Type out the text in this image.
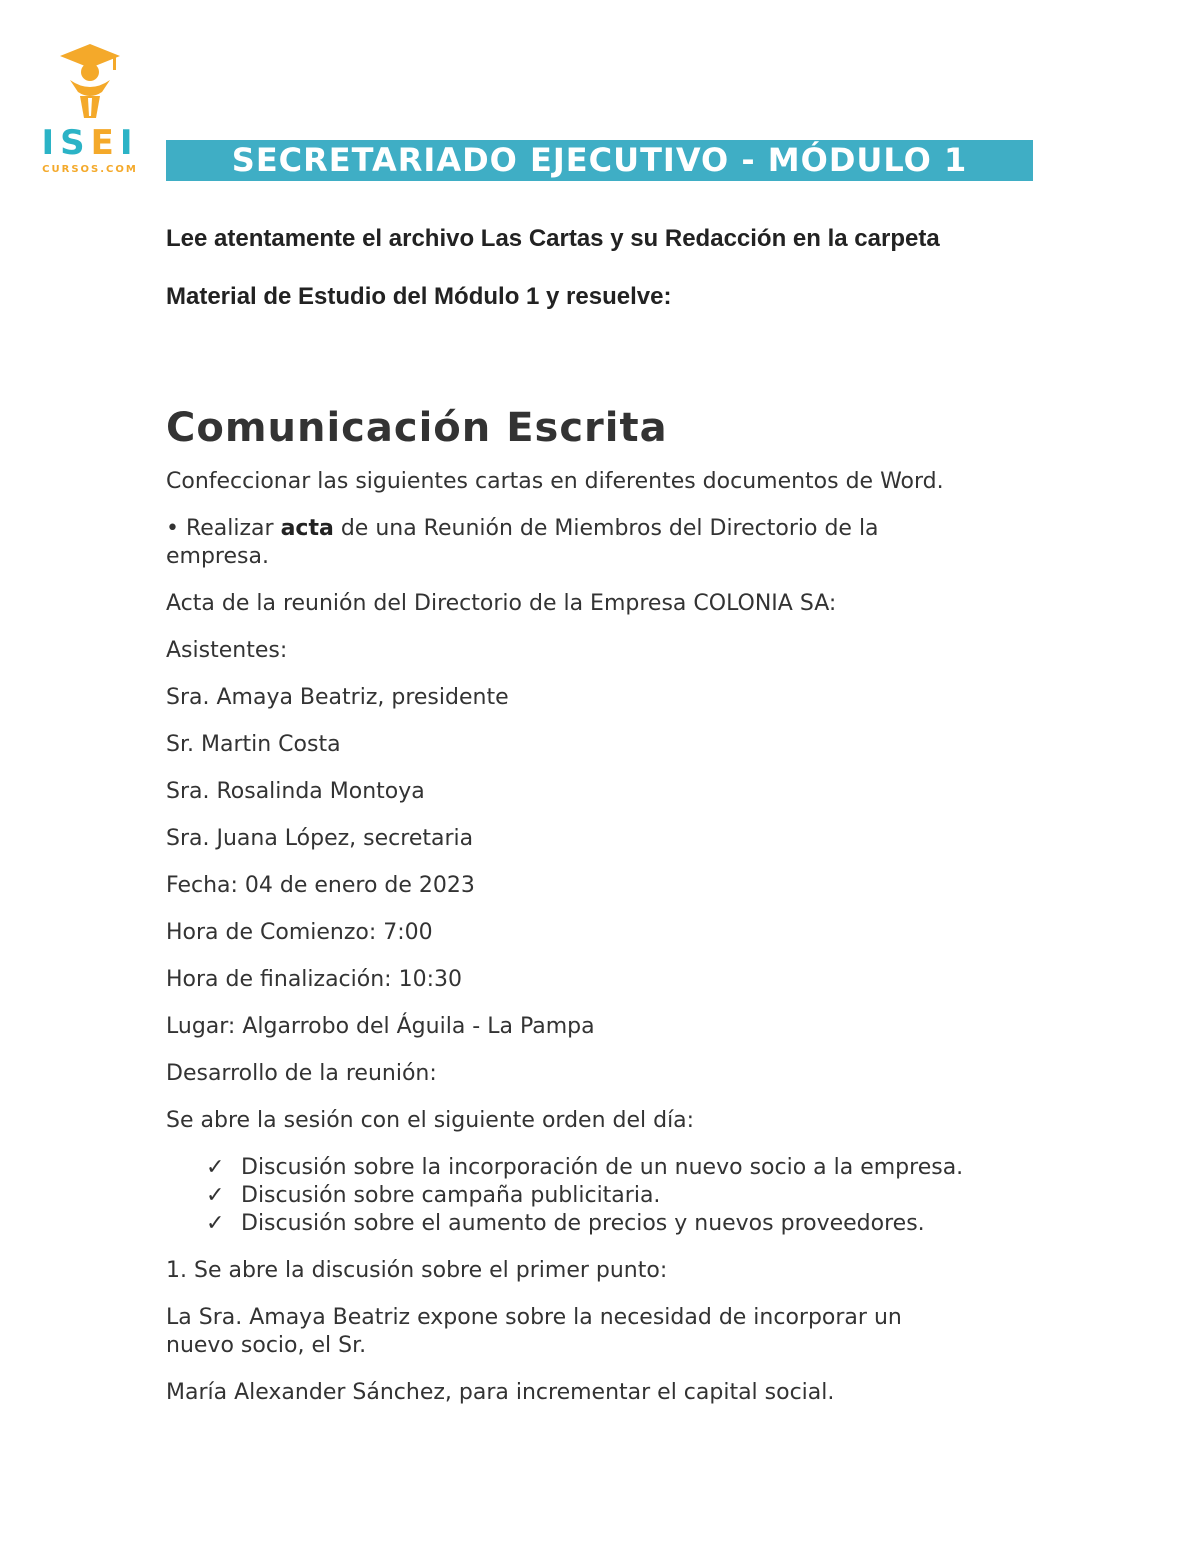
ISEI
CURSOS.COM	SECRETARIADO EJECUTIVO - MÓDULO 1

Lee atentamente el archivo Las Cartas y su Redacción en la carpeta

Material de Estudio del Módulo 1 y resuelve:

Comunicación Escrita

Confeccionar las siguientes cartas en diferentes documentos de Word.

• Realizar acta de una Reunión de Miembros del Directorio de la
empresa.

Acta de la reunión del Directorio de la Empresa COLONIA SA:

Asistentes:

Sra. Amaya Beatriz, presidente

Sr. Martin Costa

Sra. Rosalinda Montoya

Sra. Juana López, secretaria

Fecha: 04 de enero de 2023

Hora de Comienzo: 7:00

Hora de finalización: 10:30

Lugar: Algarrobo del Águila - La Pampa

Desarrollo de la reunión:

Se abre la sesión con el siguiente orden del día:

✓ Discusión sobre la incorporación de un nuevo socio a la empresa.
✓ Discusión sobre campaña publicitaria.
✓ Discusión sobre el aumento de precios y nuevos proveedores.

1. Se abre la discusión sobre el primer punto:

La Sra. Amaya Beatriz expone sobre la necesidad de incorporar un
nuevo socio, el Sr.

María Alexander Sánchez, para incrementar el capital social.
